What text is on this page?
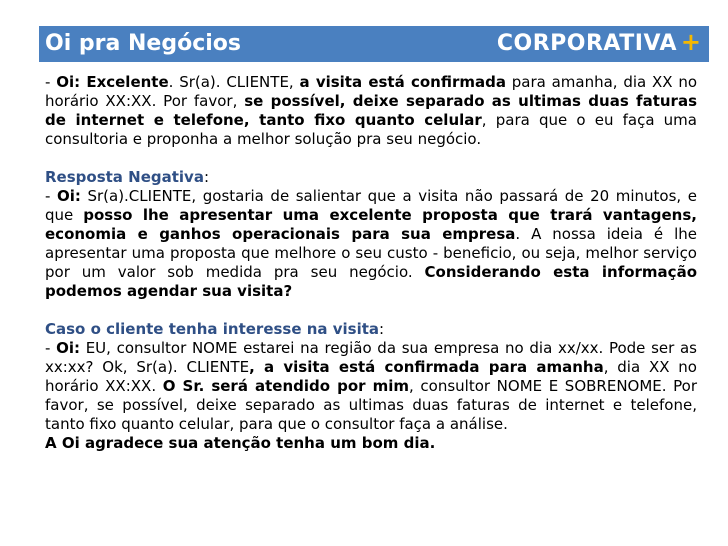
Oi pra Negócios	CORPORATIVA +

- Oi: Excelente. Sr(a). CLIENTE, a visita está confirmada para amanha, dia XX no horário XX:XX. Por favor, se possível, deixe separado as ultimas duas faturas de internet e telefone, tanto fixo quanto celular, para que o eu faça uma consultoria e proponha a melhor solução pra seu negócio.

Resposta Negativa:

- Oi: Sr(a).CLIENTE, gostaria de salientar que a visita não passará de 20 minutos, e que posso lhe apresentar uma excelente proposta que trará vantagens, economia e ganhos operacionais para sua empresa. A nossa ideia é lhe apresentar uma proposta que melhore o seu custo - beneficio, ou seja, melhor serviço por um valor sob medida pra seu negócio. Considerando esta informação podemos agendar sua visita?

Caso o cliente tenha interesse na visita:

- Oi: EU, consultor NOME estarei na região da sua empresa no dia xx/xx. Pode ser as xx:xx? Ok, Sr(a). CLIENTE, a visita está confirmada para amanha, dia XX no horário XX:XX. O Sr. será atendido por mim, consultor NOME E SOBRENOME. Por favor, se possível, deixe separado as ultimas duas faturas de internet e telefone, tanto fixo quanto celular, para que o consultor faça a análise.

A Oi agradece sua atenção tenha um bom dia.
